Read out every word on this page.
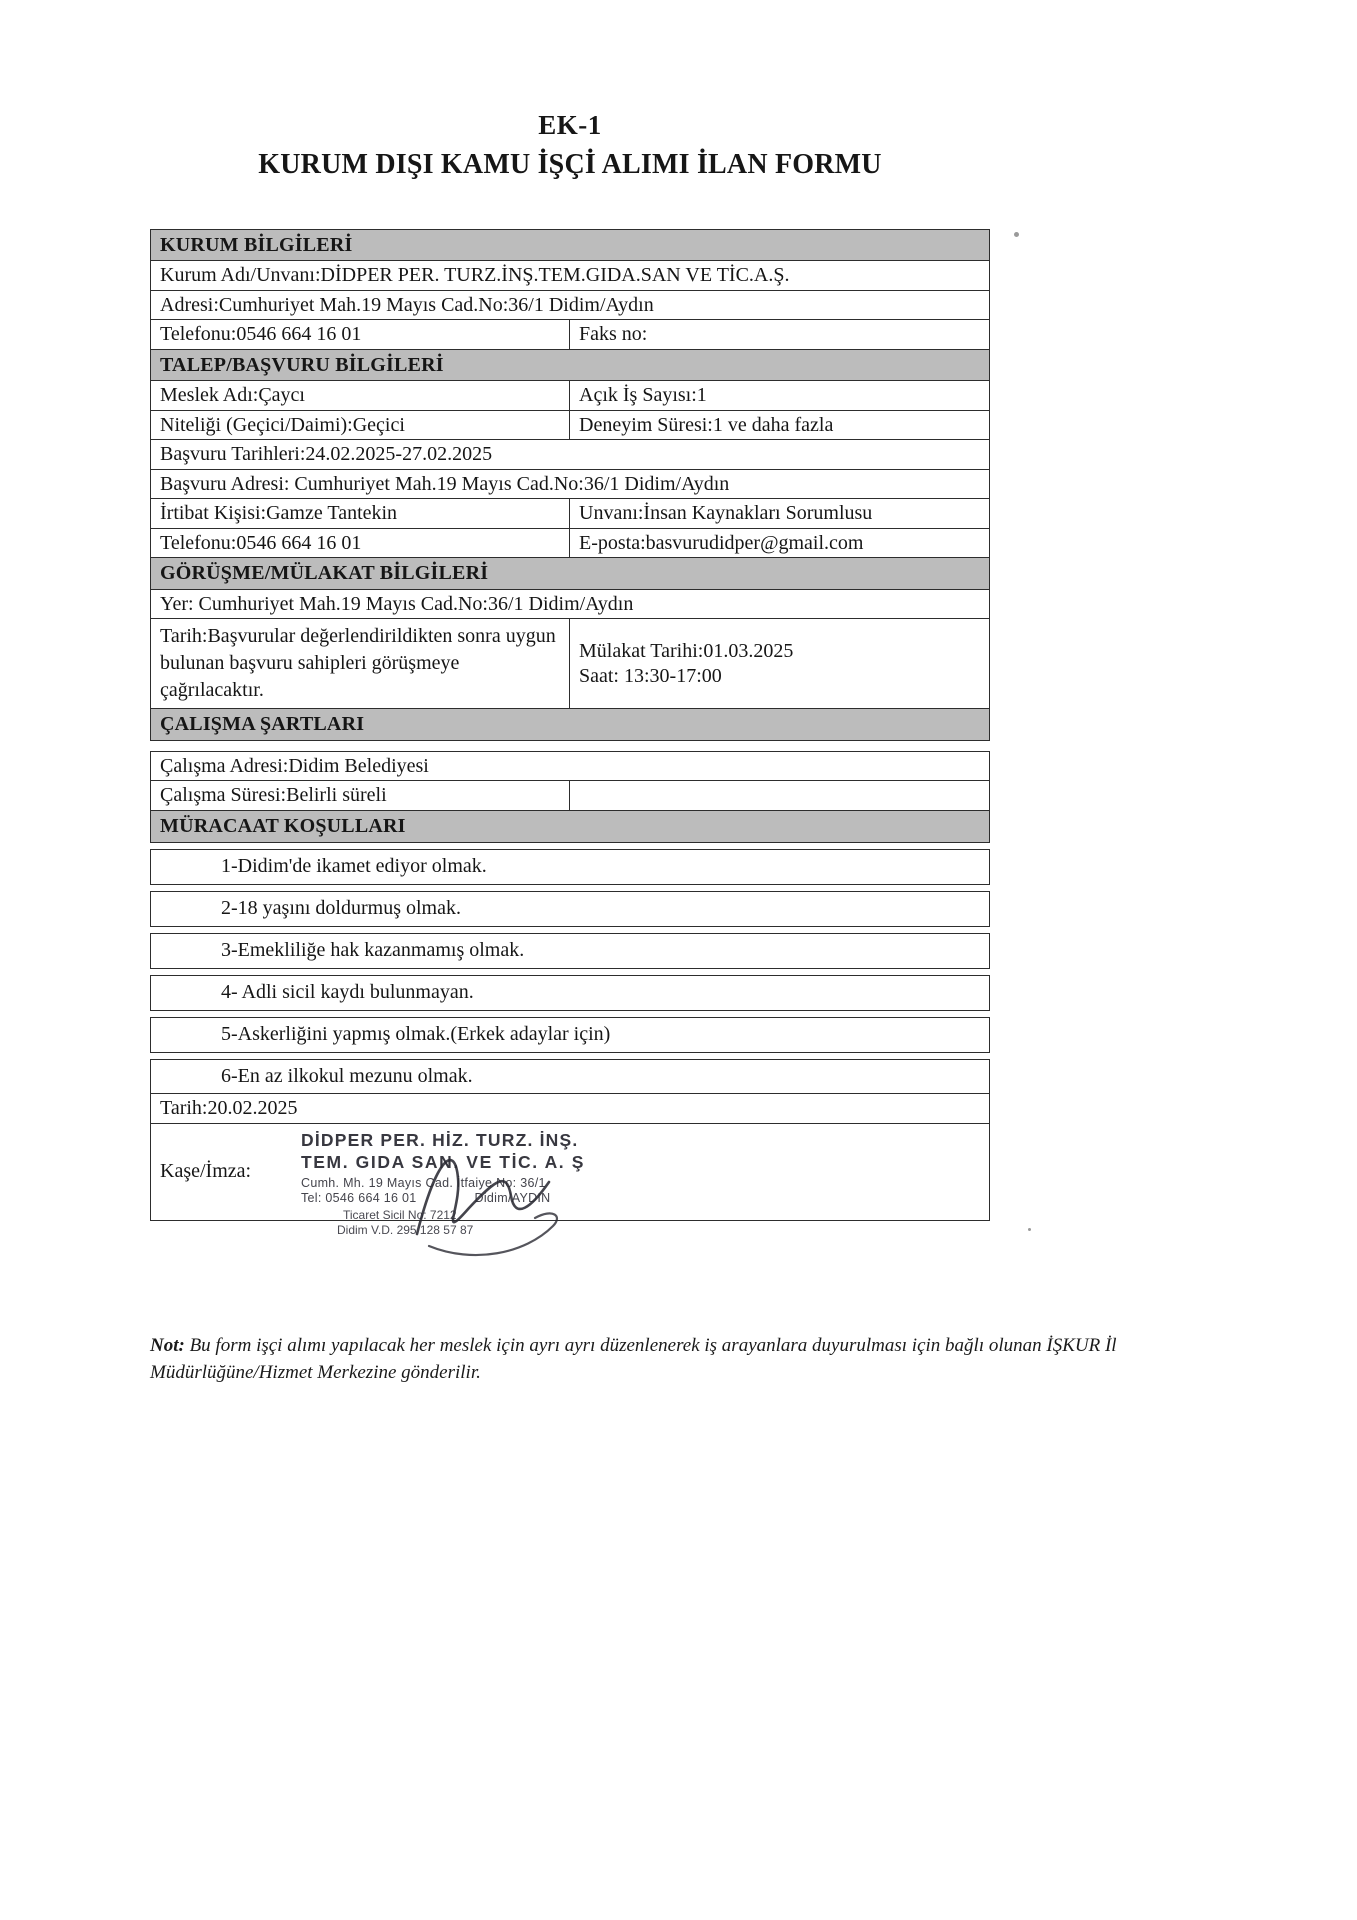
EK-1
KURUM DIŞI KAMU İŞÇİ ALIMI İLAN FORMU
KURUM BİLGİLERİ
Kurum Adı/Unvanı:DİDPER PER. TURZ.İNŞ.TEM.GIDA.SAN VE TİC.A.Ş.
Adresi:Cumhuriyet Mah.19 Mayıs Cad.No:36/1 Didim/Aydın
Telefonu:0546 664 16 01	Faks no:
TALEP/BAŞVURU BİLGİLERİ
Meslek Adı:Çaycı	Açık İş Sayısı:1
Niteliği (Geçici/Daimi):Geçici	Deneyim Süresi:1 ve daha fazla
Başvuru Tarihleri:24.02.2025-27.02.2025
Başvuru Adresi: Cumhuriyet Mah.19 Mayıs Cad.No:36/1 Didim/Aydın
İrtibat Kişisi:Gamze Tantekin	Unvanı:İnsan Kaynakları Sorumlusu
Telefonu:0546 664 16 01	E-posta:basvurudidper@gmail.com
GÖRÜŞME/MÜLAKAT BİLGİLERİ
Yer: Cumhuriyet Mah.19 Mayıs Cad.No:36/1 Didim/Aydın
Tarih:Başvurular değerlendirildikten sonra uygun bulunan başvuru sahipleri görüşmeye çağrılacaktır.
Mülakat Tarihi:01.03.2025
Saat: 13:30-17:00
ÇALIŞMA ŞARTLARI
Çalışma Adresi:Didim Belediyesi
Çalışma Süresi:Belirli süreli
MÜRACAAT KOŞULLARI
1-Didim'de ikamet ediyor olmak.
2-18 yaşını doldurmuş olmak.
3-Emekliliğe hak kazanmamış olmak.
4- Adli sicil kaydı bulunmayan.
5-Askerliğini yapmış olmak.(Erkek adaylar için)
6-En az ilkokul mezunu olmak.
Tarih:20.02.2025
Kaşe/İmza:
DİDPER PER. HİZ. TURZ. İNŞ.
TEM. GIDA SAN. VE TİC. A. Ş
Cumh. Mh. 19 Mayıs Cad. İtfaiye No: 36/1
Tel: 0546 664 16 01	Didim/AYDIN
Ticaret Sicil No: 7212
Didim V.D. 295 128 57 87

Not: Bu form işçi alımı yapılacak her meslek için ayrı ayrı düzenlenerek iş arayanlara duyurulması için bağlı olunan İŞKUR İl Müdürlüğüne/Hizmet Merkezine gönderilir.
